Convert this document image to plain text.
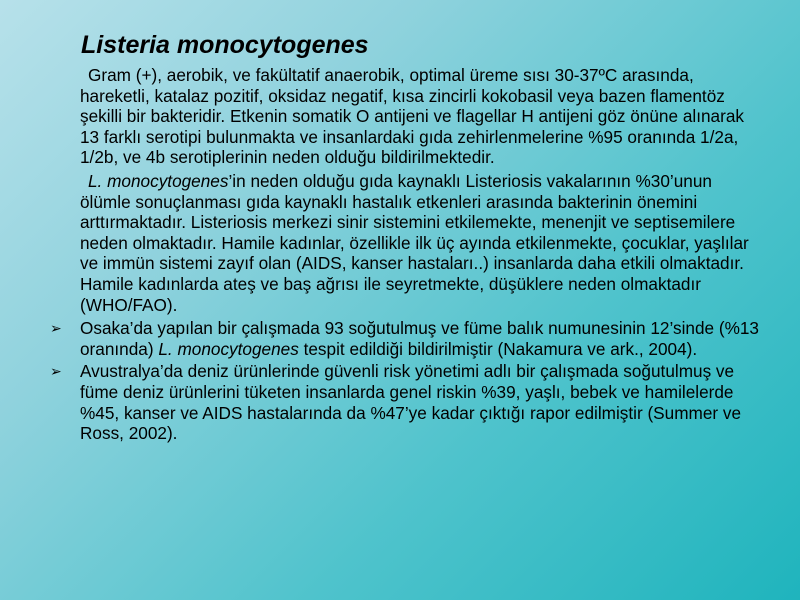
Listeria monocytogenes
Gram (+), aerobik, ve fakültatif anaerobik, optimal üreme sısı 30-37ºC arasında, hareketli, katalaz pozitif, oksidaz negatif, kısa zincirli kokobasil veya bazen flamentöz şekilli bir bakteridir. Etkenin somatik O antijeni ve flagellar H antijeni göz önüne alınarak 13 farklı serotipi bulunmakta ve insanlardaki gıda zehirlenmelerine %95 oranında 1/2a, 1/2b, ve 4b serotiplerinin neden olduğu bildirilmektedir.
L. monocytogenes’in neden olduğu gıda kaynaklı Listeriosis vakalarının %30’unun ölümle sonuçlanması gıda kaynaklı hastalık etkenleri arasında bakterinin önemini arttırmaktadır. Listeriosis merkezi sinir sistemini etkilemekte, menenjit ve septisemilere neden olmaktadır. Hamile kadınlar, özellikle ilk üç ayında etkilenmekte, çocuklar, yaşlılar ve immün sistemi zayıf olan (AIDS, kanser hastaları..) insanlarda daha etkili olmaktadır. Hamile kadınlarda ateş ve baş ağrısı ile seyretmekte, düşüklere neden olmaktadır (WHO/FAO).
➢ Osaka’da yapılan bir çalışmada 93 soğutulmuş ve füme balık numunesinin 12’sinde (%13 oranında) L. monocytogenes tespit edildiği bildirilmiştir (Nakamura ve ark., 2004).
➢ Avustralya’da deniz ürünlerinde güvenli risk yönetimi adlı bir çalışmada soğutulmuş ve füme deniz ürünlerini tüketen insanlarda genel riskin %39, yaşlı, bebek ve hamilelerde %45, kanser ve AIDS hastalarında da %47’ye kadar çıktığı rapor edilmiştir (Summer ve Ross, 2002).
